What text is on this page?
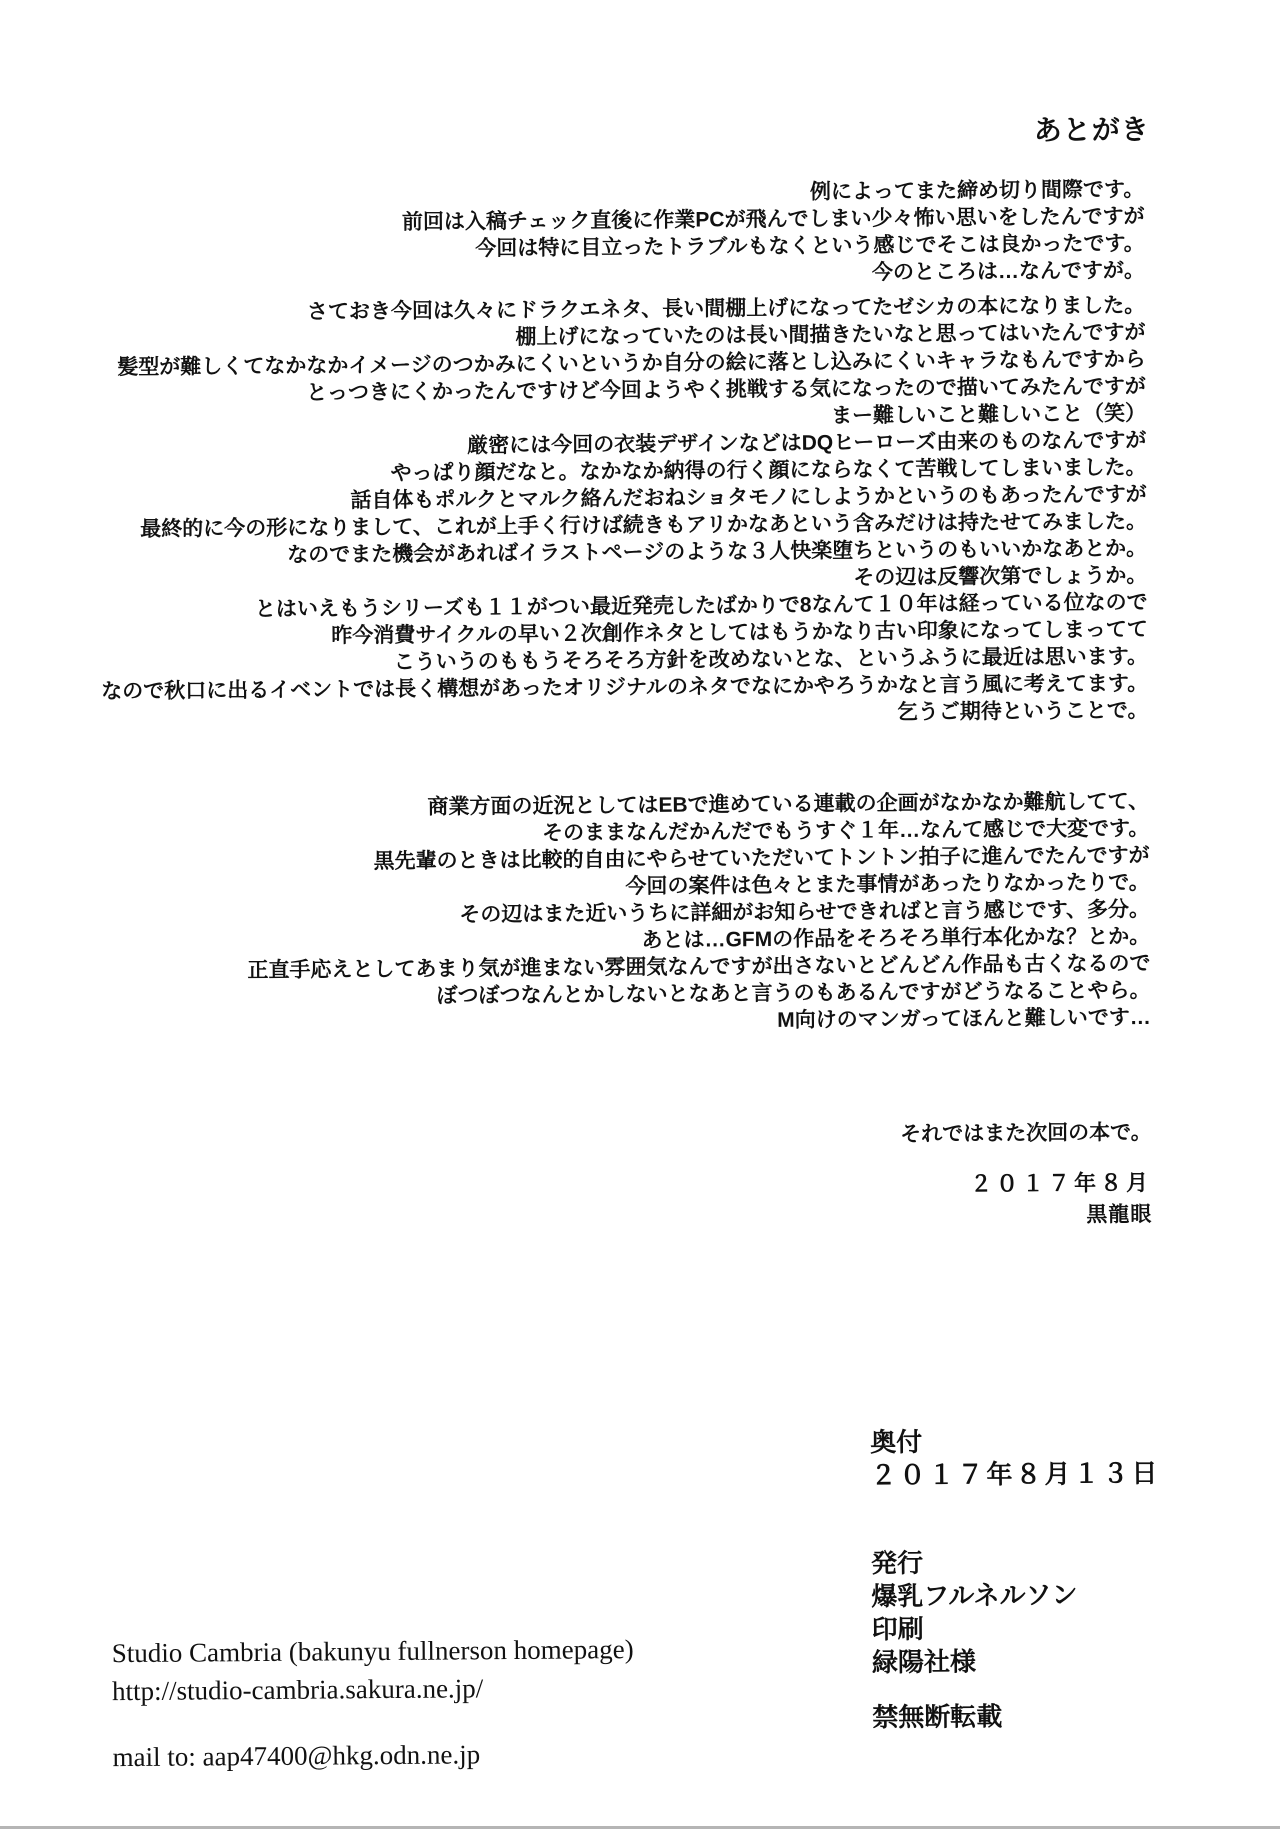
あとがき
例によってまた締め切り間際です。
前回は入稿チェック直後に作業PCが飛んでしまい少々怖い思いをしたんですが
今回は特に目立ったトラブルもなくという感じでそこは良かったです。
今のところは…なんですが。
さておき今回は久々にドラクエネタ、長い間棚上げになってたゼシカの本になりました。
棚上げになっていたのは長い間描きたいなと思ってはいたんですが
髪型が難しくてなかなかイメージのつかみにくいというか自分の絵に落とし込みにくいキャラなもんですから
とっつきにくかったんですけど今回ようやく挑戦する気になったので描いてみたんですが
まー難しいこと難しいこと（笑）
厳密には今回の衣装デザインなどはDQヒーローズ由来のものなんですが
やっぱり顔だなと。なかなか納得の行く顔にならなくて苦戦してしまいました。
話自体もポルクとマルク絡んだおねショタモノにしようかというのもあったんですが
最終的に今の形になりまして、これが上手く行けば続きもアリかなあという含みだけは持たせてみました。
なのでまた機会があればイラストページのような３人快楽堕ちというのもいいかなあとか。
その辺は反響次第でしょうか。
とはいえもうシリーズも１１がつい最近発売したばかりで8なんて１０年は経っている位なので
昨今消費サイクルの早い２次創作ネタとしてはもうかなり古い印象になってしまってて
こういうのももうそろそろ方針を改めないとな、というふうに最近は思います。
なので秋口に出るイベントでは長く構想があったオリジナルのネタでなにかやろうかなと言う風に考えてます。
乞うご期待ということで。
商業方面の近況としてはEBで進めている連載の企画がなかなか難航してて、
そのままなんだかんだでもうすぐ１年…なんて感じで大変です。
黒先輩のときは比較的自由にやらせていただいてトントン拍子に進んでたんですが
今回の案件は色々とまた事情があったりなかったりで。
その辺はまた近いうちに詳細がお知らせできればと言う感じです、多分。
あとは…GFMの作品をそろそろ単行本化かな？とか。
正直手応えとしてあまり気が進まない雰囲気なんですが出さないとどんどん作品も古くなるので
ぼつぼつなんとかしないとなあと言うのもあるんですがどうなることやら。
M向けのマンガってほんと難しいです…
それではまた次回の本で。
２０１７年８月
黒龍眼
奥付
２０１７年８月１３日
発行
爆乳フルネルソン
印刷
緑陽社様
禁無断転載
Studio Cambria (bakunyu fullnerson homepage)
http://studio-cambria.sakura.ne.jp/
mail to: aap47400@hkg.odn.ne.jp
